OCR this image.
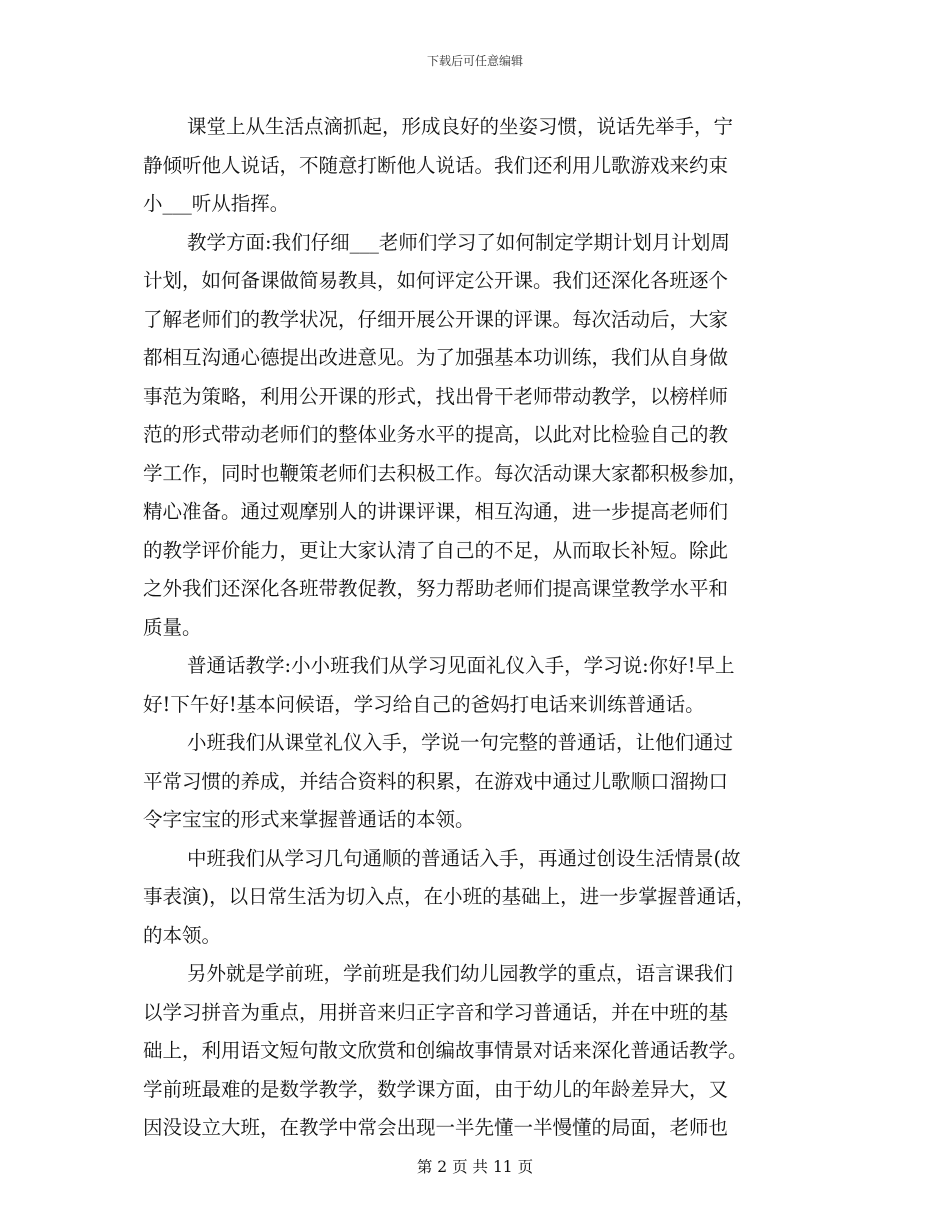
下载后可任意编辑
课堂上从生活点滴抓起，形成良好的坐姿习惯，说话先举手，宁
静倾听他人说话，不随意打断他人说话。我们还利用儿歌游戏来约束
小___听从指挥。
教学方面:我们仔细___老师们学习了如何制定学期计划月计划周
计划，如何备课做简易教具，如何评定公开课。我们还深化各班逐个
了解老师们的教学状况，仔细开展公开课的评课。每次活动后，大家
都相互沟通心德提出改进意见。为了加强基本功训练，我们从自身做
事范为策略，利用公开课的形式，找出骨干老师带动教学，以榜样师
范的形式带动老师们的整体业务水平的提高，以此对比检验自己的教
学工作，同时也鞭策老师们去积极工作。每次活动课大家都积极参加，
精心准备。通过观摩别人的讲课评课，相互沟通，进一步提高老师们
的教学评价能力，更让大家认清了自己的不足，从而取长补短。除此
之外我们还深化各班带教促教，努力帮助老师们提高课堂教学水平和
质量。
普通话教学:小小班我们从学习见面礼仪入手，学习说:你好!早上
好!下午好!基本问候语，学习给自己的爸妈打电话来训练普通话。
小班我们从课堂礼仪入手，学说一句完整的普通话，让他们通过
平常习惯的养成，并结合资料的积累，在游戏中通过儿歌顺口溜拗口
令字宝宝的形式来掌握普通话的本领。
中班我们从学习几句通顺的普通话入手，再通过创设生活情景(故
事表演)，以日常生活为切入点，在小班的基础上，进一步掌握普通话，
的本领。
另外就是学前班，学前班是我们幼儿园教学的重点，语言课我们
以学习拼音为重点，用拼音来归正字音和学习普通话，并在中班的基
础上，利用语文短句散文欣赏和创编故事情景对话来深化普通话教学。
学前班最难的是数学教学，数学课方面，由于幼儿的年龄差异大，又
因没设立大班，在教学中常会出现一半先懂一半慢懂的局面，老师也
第 2 页 共 11 页
